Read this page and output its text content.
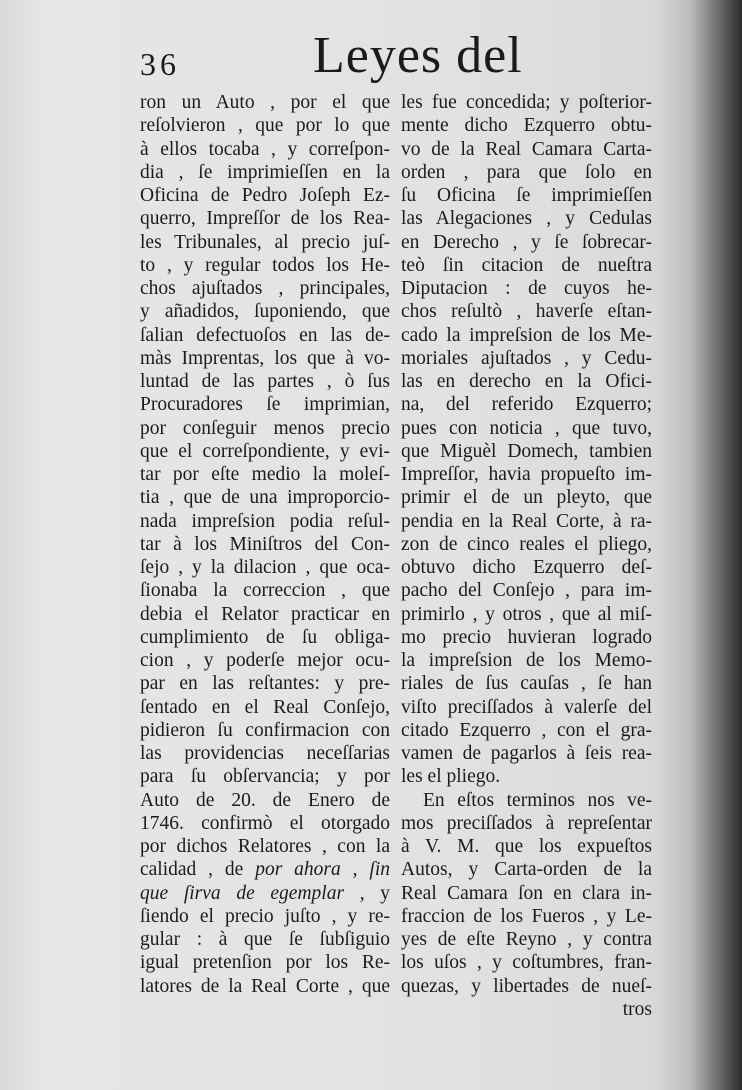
36	Leyes del
ron un Auto , por el que
reſolvieron , que por lo que
à ellos tocaba , y correſpon-
dia , ſe imprimieſſen en la
Oficina de Pedro Joſeph Ez-
querro, Impreſſor de los Rea-
les Tribunales, al precio juſ-
to , y regular todos los He-
chos ajuſtados , principales,
y añadidos, ſuponiendo, que
ſalian defectuoſos en las de-
màs Imprentas, los que à vo-
luntad de las partes , ò ſus
Procuradores ſe imprimian,
por conſeguir menos precio
que el correſpondiente, y evi-
tar por eſte medio la moleſ-
tia , que de una improporcio-
nada impreſsion podia reſul-
tar à los Miniſtros del Con-
ſejo , y la dilacion , que oca-
ſionaba la correccion , que
debia el Relator practicar en
cumplimiento de ſu obliga-
cion , y poderſe mejor ocu-
par en las reſtantes: y pre-
ſentado en el Real Conſejo,
pidieron ſu confirmacion con
las providencias neceſſarias
para ſu obſervancia; y por
Auto de 20. de Enero de
1746. confirmò el otorgado
por dichos Relatores , con la
calidad , de por ahora , ſin
que ſirva de egemplar , y
ſiendo el precio juſto , y re-
gular : à que ſe ſubſiguio
igual pretenſion por los Re-
latores de la Real Corte , que
les fue concedida; y poſterior-
mente dicho Ezquerro obtu-
vo de la Real Camara Carta-
orden , para que ſolo en
ſu Oficina ſe imprimieſſen
las Alegaciones , y Cedulas
en Derecho , y ſe ſobrecar-
teò ſin citacion de nueſtra
Diputacion : de cuyos he-
chos reſultò , haverſe eſtan-
cado la impreſsion de los Me-
moriales ajuſtados , y Cedu-
las en derecho en la Ofici-
na, del referido Ezquerro;
pues con noticia , que tuvo,
que Miguèl Domech, tambien
Impreſſor, havia propueſto im-
primir el de un pleyto, que
pendia en la Real Corte, à ra-
zon de cinco reales el pliego,
obtuvo dicho Ezquerro deſ-
pacho del Conſejo , para im-
primirlo , y otros , que al miſ-
mo precio huvieran logrado
la impreſsion de los Memo-
riales de ſus cauſas , ſe han
viſto preciſſados à valerſe del
citado Ezquerro , con el gra-
vamen de pagarlos à ſeis rea-
les el pliego.
En eſtos terminos nos ve-
mos preciſſados à repreſentar
à V. M. que los expueſtos
Autos, y Carta-orden de la
Real Camara ſon en clara in-
fraccion de los Fueros , y Le-
yes de eſte Reyno , y contra
los uſos , y coſtumbres, fran-
quezas, y libertades de nueſ-
tros
